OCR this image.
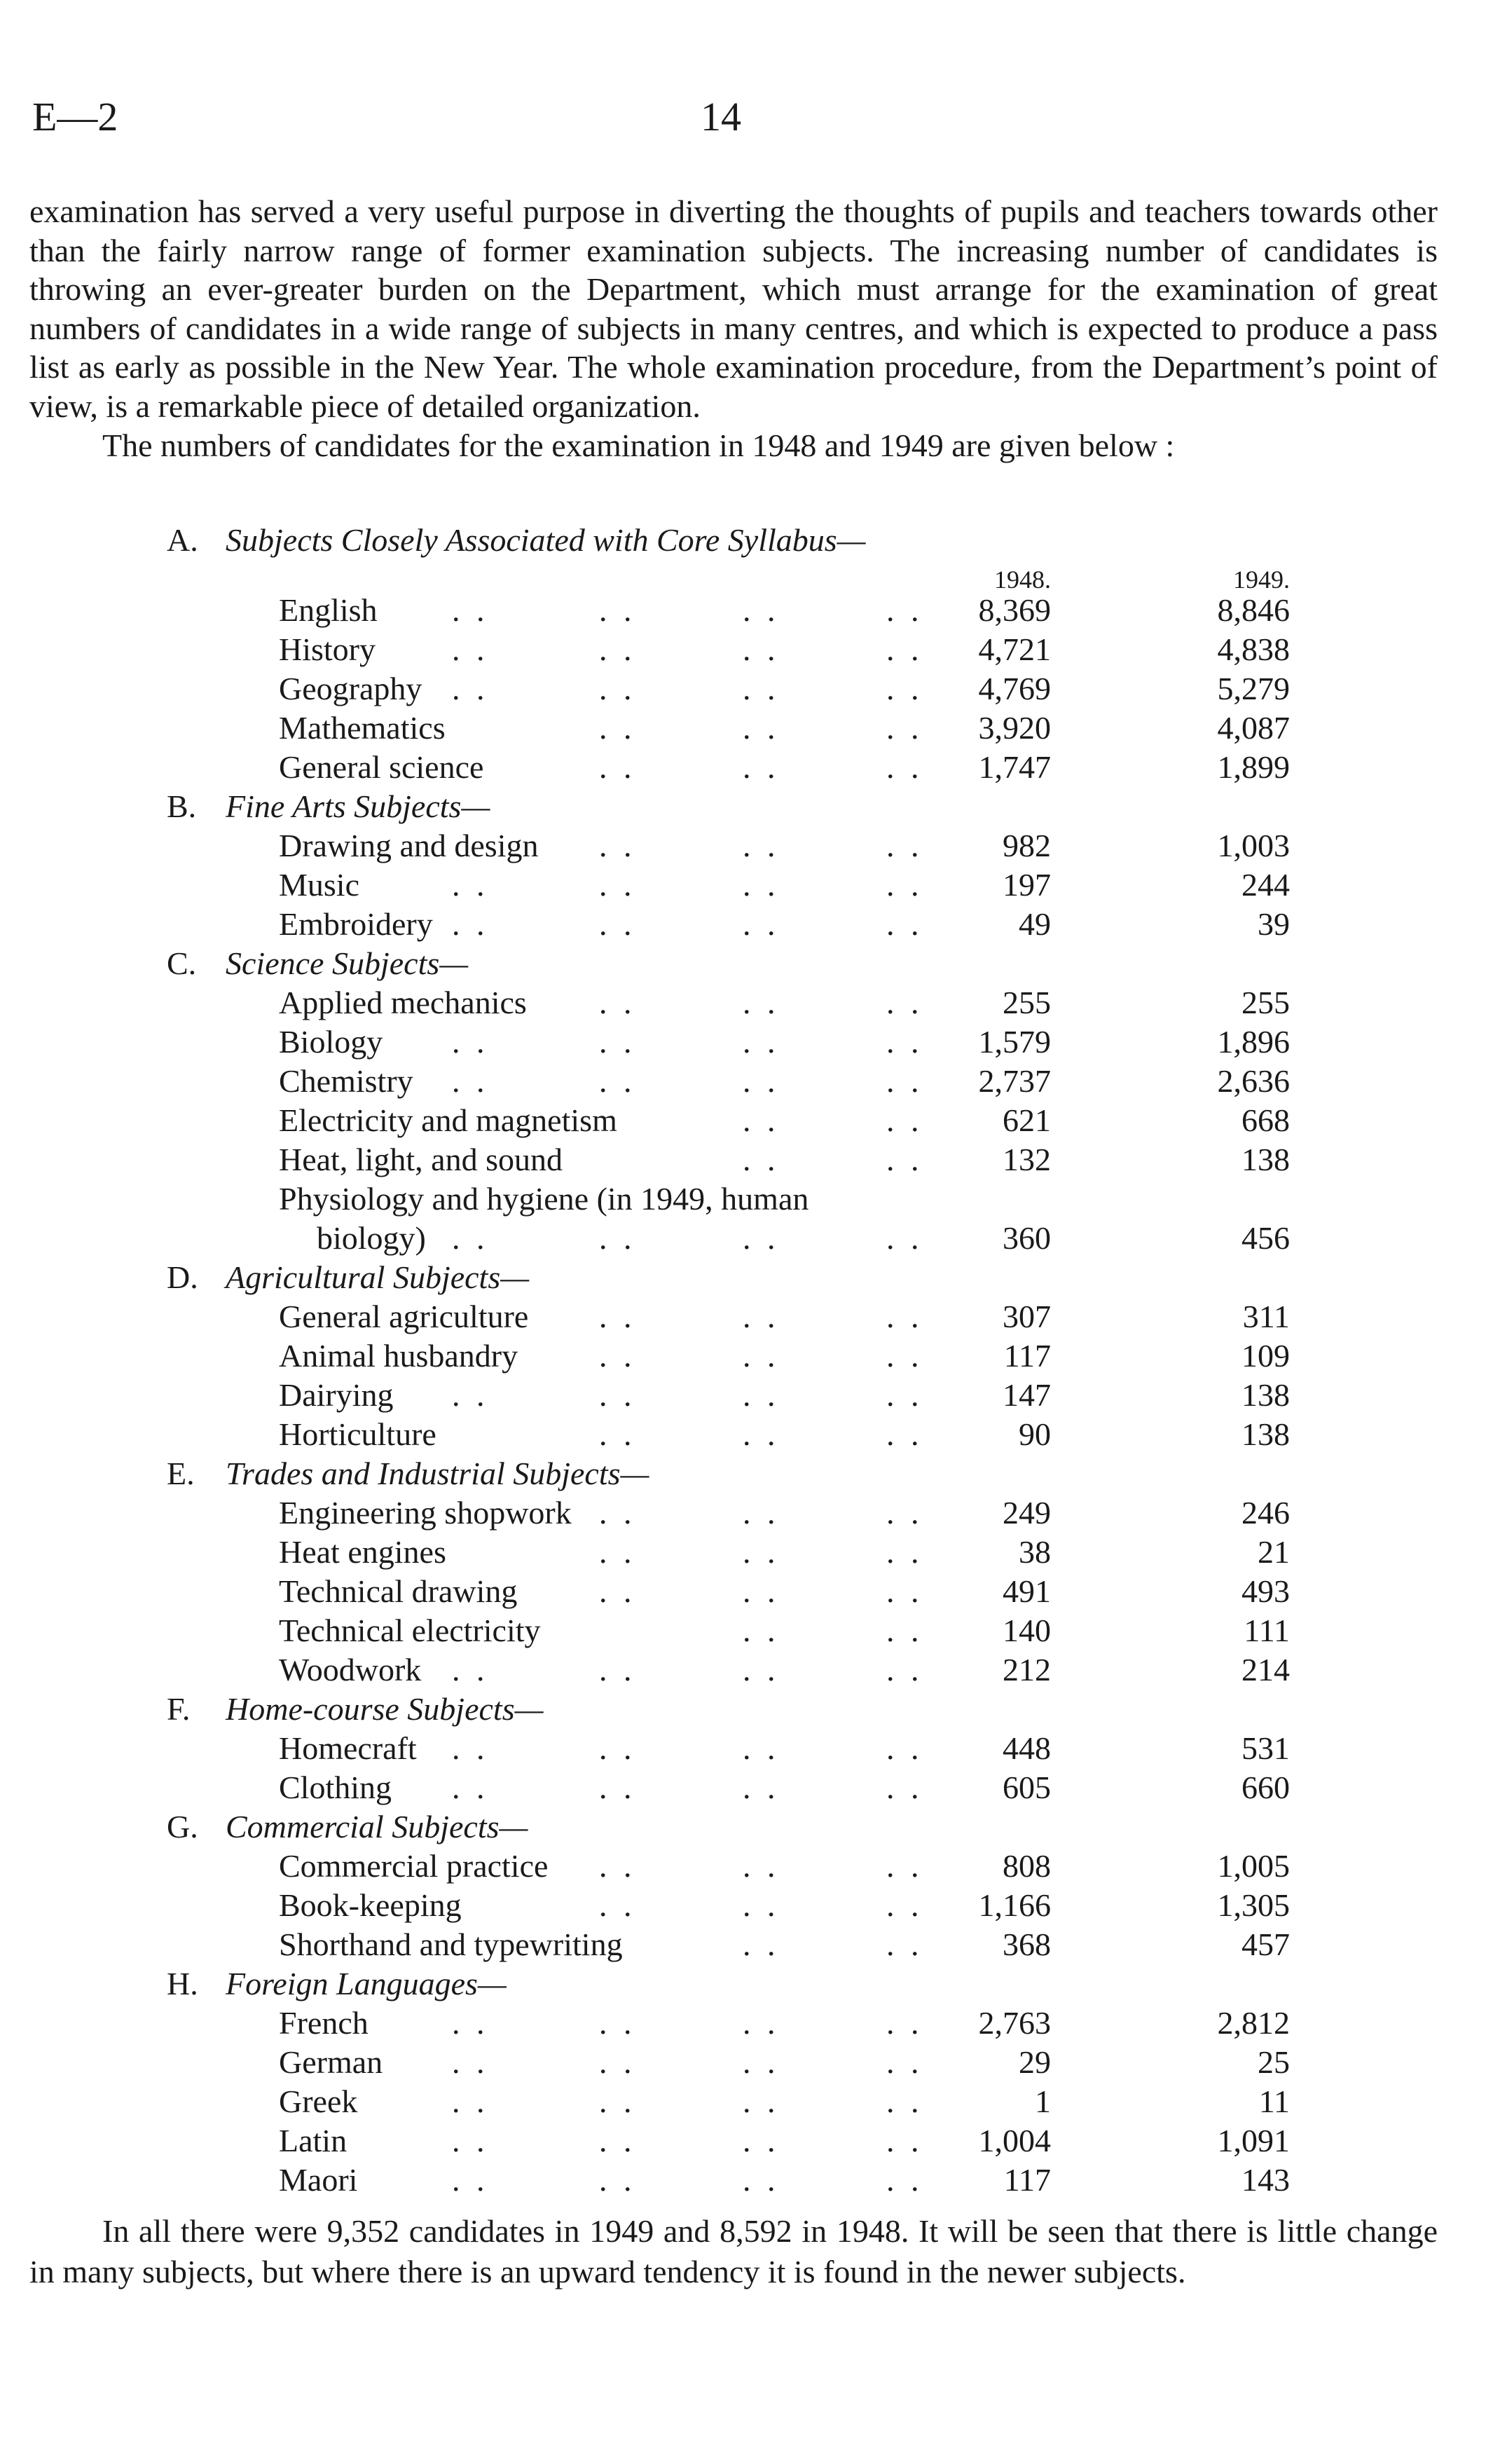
E—2	14

examination has served a very useful purpose in diverting the thoughts of pupils and teachers towards other than the fairly narrow range of former examination subjects. The increasing number of candidates is throwing an ever-greater burden on the Department, which must arrange for the examination of great numbers of candidates in a wide range of subjects in many centres, and which is expected to produce a pass list as early as possible in the New Year. The whole examination procedure, from the Department’s point of view, is a remarkable piece of detailed organization.

The numbers of candidates for the examination in 1948 and 1949 are given below :

A. Subjects Closely Associated with Core Syllabus—
1948.	1949.
English . .	. .	. .	. . 8,369	8,846
History . .	. .	. .	. . 4,721	4,838
Geography . .	. .	. .	. . 4,769	5,279
Mathematics	. .	. .	. . 3,920	4,087
General science	. .	. .	. . 1,747	1,899
B. Fine Arts Subjects—
Drawing and design . .	. .	. . 982	1,003
Music	. .	. .	. .	. . 197	244
Embroidery . .	. .	. .	. .	49	39
C. Science Subjects—
Applied mechanics . .	. .	. . 255	255
Biology . .	. .	. .	. . 1,579	1,896
Chemistry . .	. .	. .	. . 2,737	2,636
Electricity and magnetism	. .	. . 621	668
Heat, light, and sound	. .	. . 132	138
Physiology and hygiene (in 1949, human
biology) . .	. .	. .	. . 360	456
D. Agricultural Subjects—
General agriculture . .	. .	. . 307	311
Animal husbandry	. .	. .	. .	117	109
Dairying . .	. .	. .	. . 147	138
Horticulture	. .	. .	. .	90	138
E. Trades and Industrial Subjects—
Engineering shopwork . .	. .	. . 249	246
Heat engines	. .	. .	. .	38	21
Technical drawing	. .	. .	. . 491	493
Technical electricity	. .	. . 140	111
Woodwork . .	. .	. .	. . 212	214
F. Home-course Subjects—
Homecraft . .	. .	. .	. . 448	531
Clothing . .	. .	. .	. . 605	660
G. Commercial Subjects—
Commercial practice . .	. .	. . 808	1,005
Book-keeping	. .	. .	. . 1,166	1,305
Shorthand and typewriting	. .	. . 368	457
H. Foreign Languages—
French	. .	. .	. .	. . 2,763	2,812
German . .	. .	. .	. .	29	25
Greek	. .	. .	. .	. .	1	11
Latin	. .	. .	. .	. . 1,004	1,091
Maori	. .	. .	. .	. .	117	143

In all there were 9,352 candidates in 1949 and 8,592 in 1948. It will be seen that there is little change in many subjects, but where there is an upward tendency it is found in the newer subjects.
